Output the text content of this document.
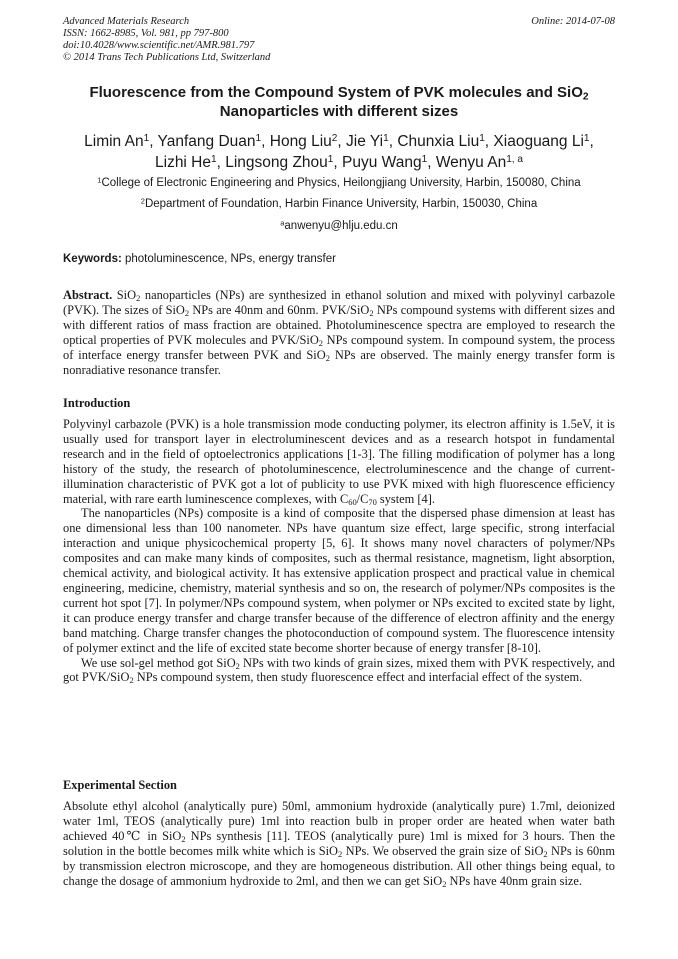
Advanced Materials Research
ISSN: 1662-8985, Vol. 981, pp 797-800
doi:10.4028/www.scientific.net/AMR.981.797
© 2014 Trans Tech Publications Ltd, Switzerland
Online: 2014-07-08
Fluorescence from the Compound System of PVK molecules and SiO$_2$
Nanoparticles with different sizes
Limin An$^1$, Yanfang Duan$^1$, Hong Liu$^2$, Jie Yi$^1$, Chunxia Liu$^1$, Xiaoguang Li$^1$,
Lizhi He$^1$, Lingsong Zhou$^1$, Puyu Wang$^1$, Wenyu An$^{1, a}$
$^1$College of Electronic Engineering and Physics, Heilongjiang University, Harbin, 150080, China
$^2$Department of Foundation, Harbin Finance University, Harbin, 150030, China
$^a$anwenyu@hlju.edu.cn
Keywords: photoluminescence, NPs, energy transfer

Abstract. SiO$_2$ nanoparticles (NPs) are synthesized in ethanol solution and mixed with polyvinyl carbazole (PVK). The sizes of SiO$_2$ NPs are 40nm and 60nm. PVK/SiO$_2$ NPs compound systems with different sizes and with different ratios of mass fraction are obtained. Photoluminescence spectra are employed to research the optical properties of PVK molecules and PVK/SiO$_2$ NPs compound system. In compound system, the process of interface energy transfer between PVK and SiO$_2$ NPs are observed. The mainly energy transfer form is nonradiative resonance transfer.

Introduction

Polyvinyl carbazole (PVK) is a hole transmission mode conducting polymer, its electron affinity is 1.5eV, it is usually used for transport layer in electroluminescent devices and as a research hotspot in fundamental research and in the field of optoelectronics applications [1-3]. The filling modification of polymer has a long history of the study, the research of photoluminescence, electroluminescence and the change of current-illumination characteristic of PVK got a lot of publicity to use PVK mixed with high fluorescence efficiency material, with rare earth luminescence complexes, with $C_{60}/C_{70}$ system [4].

The nanoparticles (NPs) composite is a kind of composite that the dispersed phase dimension at least has one dimensional less than 100 nanometer. NPs have quantum size effect, large specific, strong interfacial interaction and unique physicochemical property [5, 6]. It shows many novel characters of polymer/NPs composites and can make many kinds of composites, such as thermal resistance, magnetism, light absorption, chemical activity, and biological activity. It has extensive application prospect and practical value in chemical engineering, medicine, chemistry, material synthesis and so on, the research of polymer/NPs composites is the current hot spot [7]. In polymer/NPs compound system, when polymer or NPs excited to excited state by light, it can produce energy transfer and charge transfer because of the difference of electron affinity and the energy band matching. Charge transfer changes the photoconduction of compound system. The fluorescence intensity of polymer extinct and the life of excited state become shorter because of energy transfer [8-10].

We use sol-gel method got SiO$_2$ NPs with two kinds of grain sizes, mixed them with PVK respectively, and got PVK/SiO$_2$ NPs compound system, then study fluorescence effect and interfacial effect of the system.

Experimental Section

Absolute ethyl alcohol (analytically pure) 50ml, ammonium hydroxide (analytically pure) 1.7ml, deionized water 1ml, TEOS (analytically pure) 1ml into reaction bulb in proper order are heated when water bath achieved 40℃ in SiO$_2$ NPs synthesis [11]. TEOS (analytically pure) 1ml is mixed for 3 hours. Then the solution in the bottle becomes milk white which is SiO$_2$ NPs. We observed the grain size of SiO$_2$ NPs is 60nm by transmission electron microscope, and they are homogeneous distribution. All other things being equal, to change the dosage of ammonium hydroxide to 2ml, and then we can get SiO$_2$ NPs have 40nm grain size.
